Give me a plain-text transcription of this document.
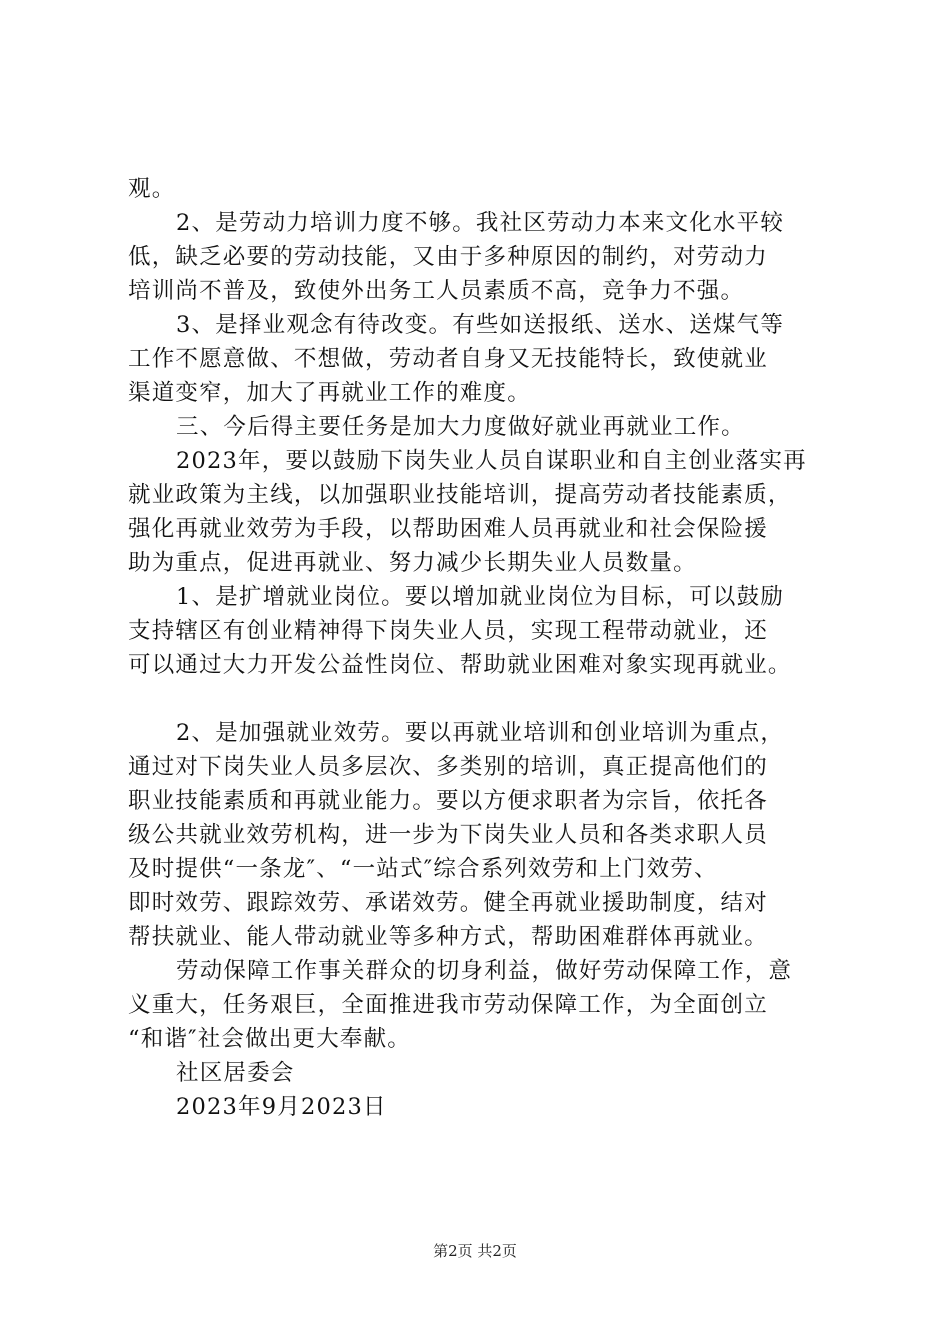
观。
2、是劳动力培训力度不够。我社区劳动力本来文化水平较
低，缺乏必要的劳动技能，又由于多种原因的制约，对劳动力
培训尚不普及，致使外出务工人员素质不高，竞争力不强。
3、是择业观念有待改变。有些如送报纸、送水、送煤气等
工作不愿意做、不想做，劳动者自身又无技能特长，致使就业
渠道变窄，加大了再就业工作的难度。
三、今后得主要任务是加大力度做好就业再就业工作。
2023年，要以鼓励下岗失业人员自谋职业和自主创业落实再
就业政策为主线，以加强职业技能培训，提高劳动者技能素质，
强化再就业效劳为手段，以帮助困难人员再就业和社会保险援
助为重点，促进再就业、努力减少长期失业人员数量。
1、是扩增就业岗位。要以增加就业岗位为目标，可以鼓励
支持辖区有创业精神得下岗失业人员，实现工程带动就业，还
可以通过大力开发公益性岗位、帮助就业困难对象实现再就业。
2、是加强就业效劳。要以再就业培训和创业培训为重点，
通过对下岗失业人员多层次、多类别的培训，真正提高他们的
职业技能素质和再就业能力。要以方便求职者为宗旨，依托各
级公共就业效劳机构，进一步为下岗失业人员和各类求职人员
及时提供“一条龙″、“一站式″综合系列效劳和上门效劳、
即时效劳、跟踪效劳、承诺效劳。健全再就业援助制度，结对
帮扶就业、能人带动就业等多种方式，帮助困难群体再就业。
劳动保障工作事关群众的切身利益，做好劳动保障工作，意
义重大，任务艰巨，全面推进我市劳动保障工作，为全面创立
“和谐″社会做出更大奉献。
社区居委会
2023年9月2023日
第2页 共2页
